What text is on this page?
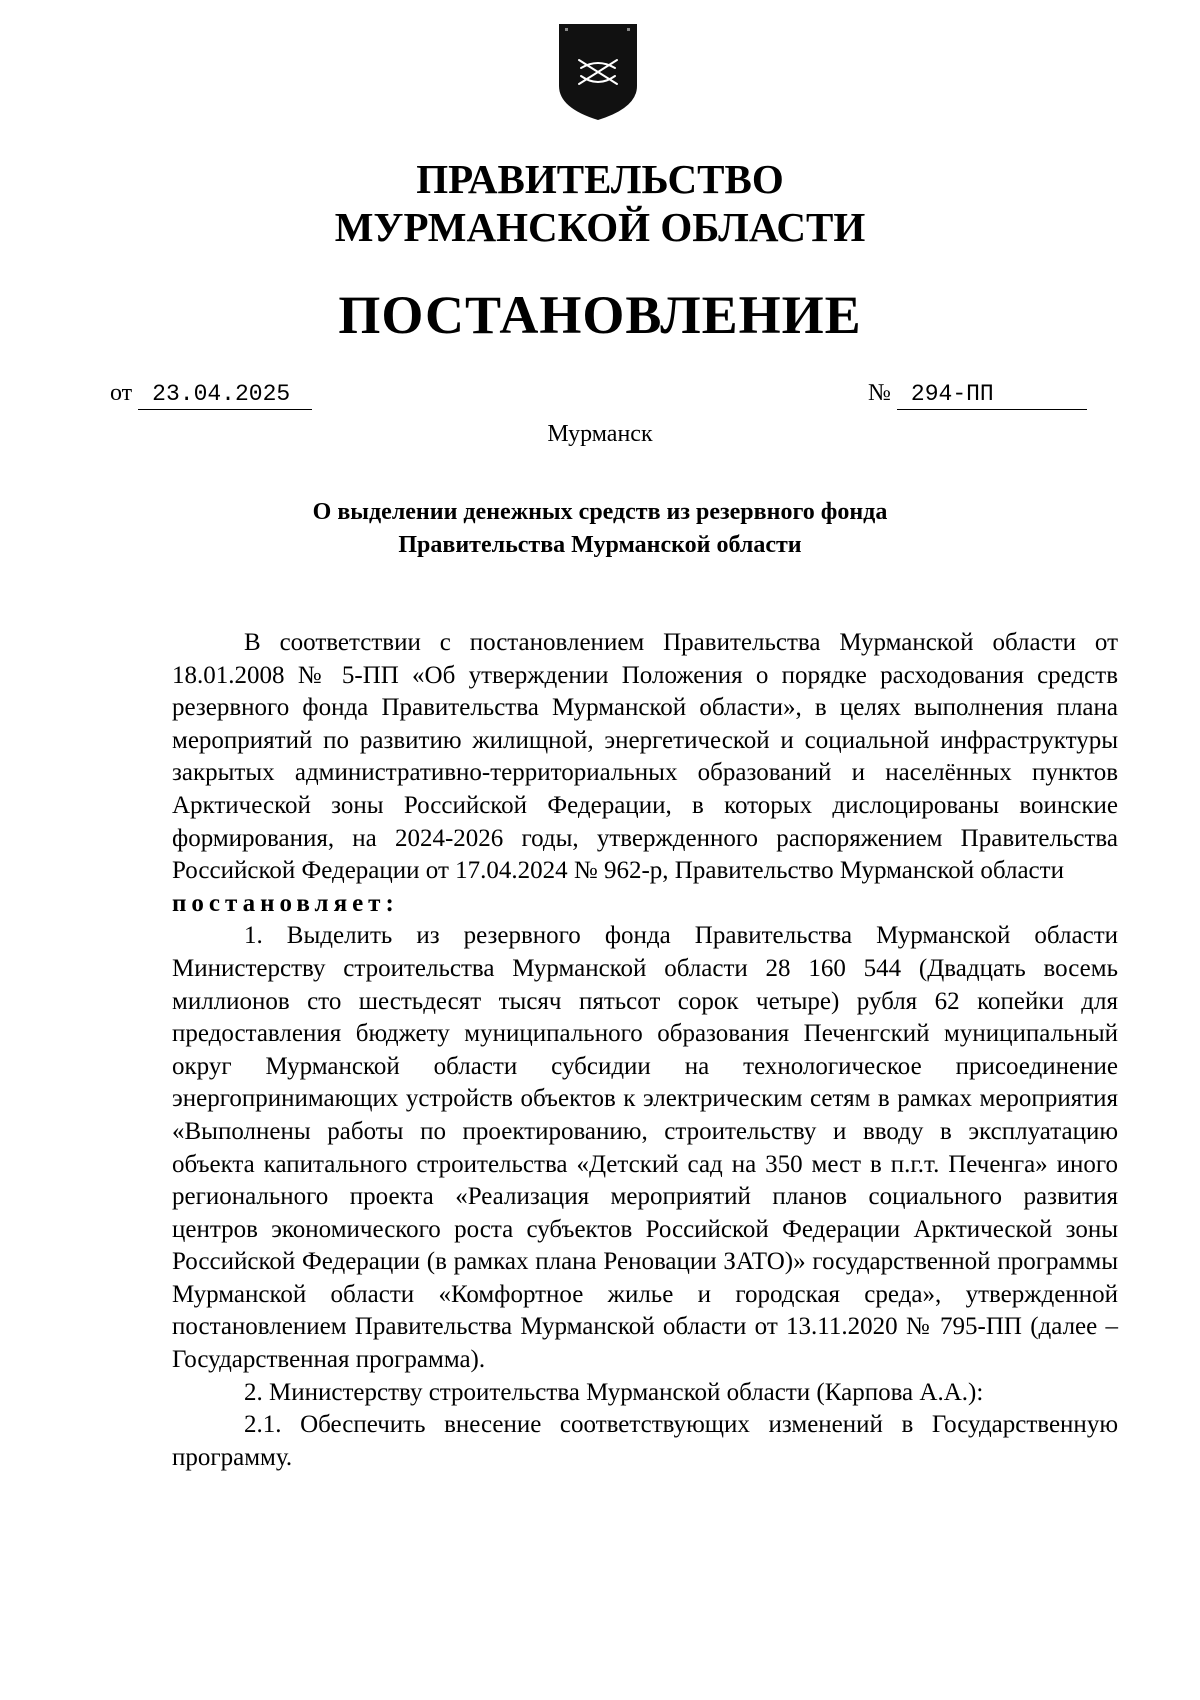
ПРАВИТЕЛЬСТВО
МУРМАНСКОЙ ОБЛАСТИ
ПОСТАНОВЛЕНИЕ
от 23.04.2025	№ 294-ПП
Мурманск
О выделении денежных средств из резервного фонда
Правительства Мурманской области

В соответствии с постановлением Правительства Мурманской области от 18.01.2008 № 5-ПП «Об утверждении Положения о порядке расходования средств резервного фонда Правительства Мурманской области», в целях выполнения плана мероприятий по развитию жилищной, энергетической и социальной инфраструктуры закрытых административно-территориальных образований и населённых пунктов Арктической зоны Российской Федерации, в которых дислоцированы воинские формирования, на 2024-2026 годы, утвержденного распоряжением Правительства Российской Федерации от 17.04.2024 № 962-р, Правительство Мурманской области

постановляет:

1. Выделить из резервного фонда Правительства Мурманской области Министерству строительства Мурманской области 28 160 544 (Двадцать восемь миллионов сто шестьдесят тысяч пятьсот сорок четыре) рубля 62 копейки для предоставления бюджету муниципального образования Печенгский муниципальный округ Мурманской области субсидии на технологическое присоединение энергопринимающих устройств объектов к электрическим сетям в рамках мероприятия «Выполнены работы по проектированию, строительству и вводу в эксплуатацию объекта капитального строительства «Детский сад на 350 мест в п.г.т. Печенга» иного регионального проекта «Реализация мероприятий планов социального развития центров экономического роста субъектов Российской Федерации Арктической зоны Российской Федерации (в рамках плана Реновации ЗАТО)» государственной программы Мурманской области «Комфортное жилье и городская среда», утвержденной постановлением Правительства Мурманской области от 13.11.2020 № 795-ПП (далее – Государственная программа).

2. Министерству строительства Мурманской области (Карпова А.А.):

2.1. Обеспечить внесение соответствующих изменений в Государственную программу.
